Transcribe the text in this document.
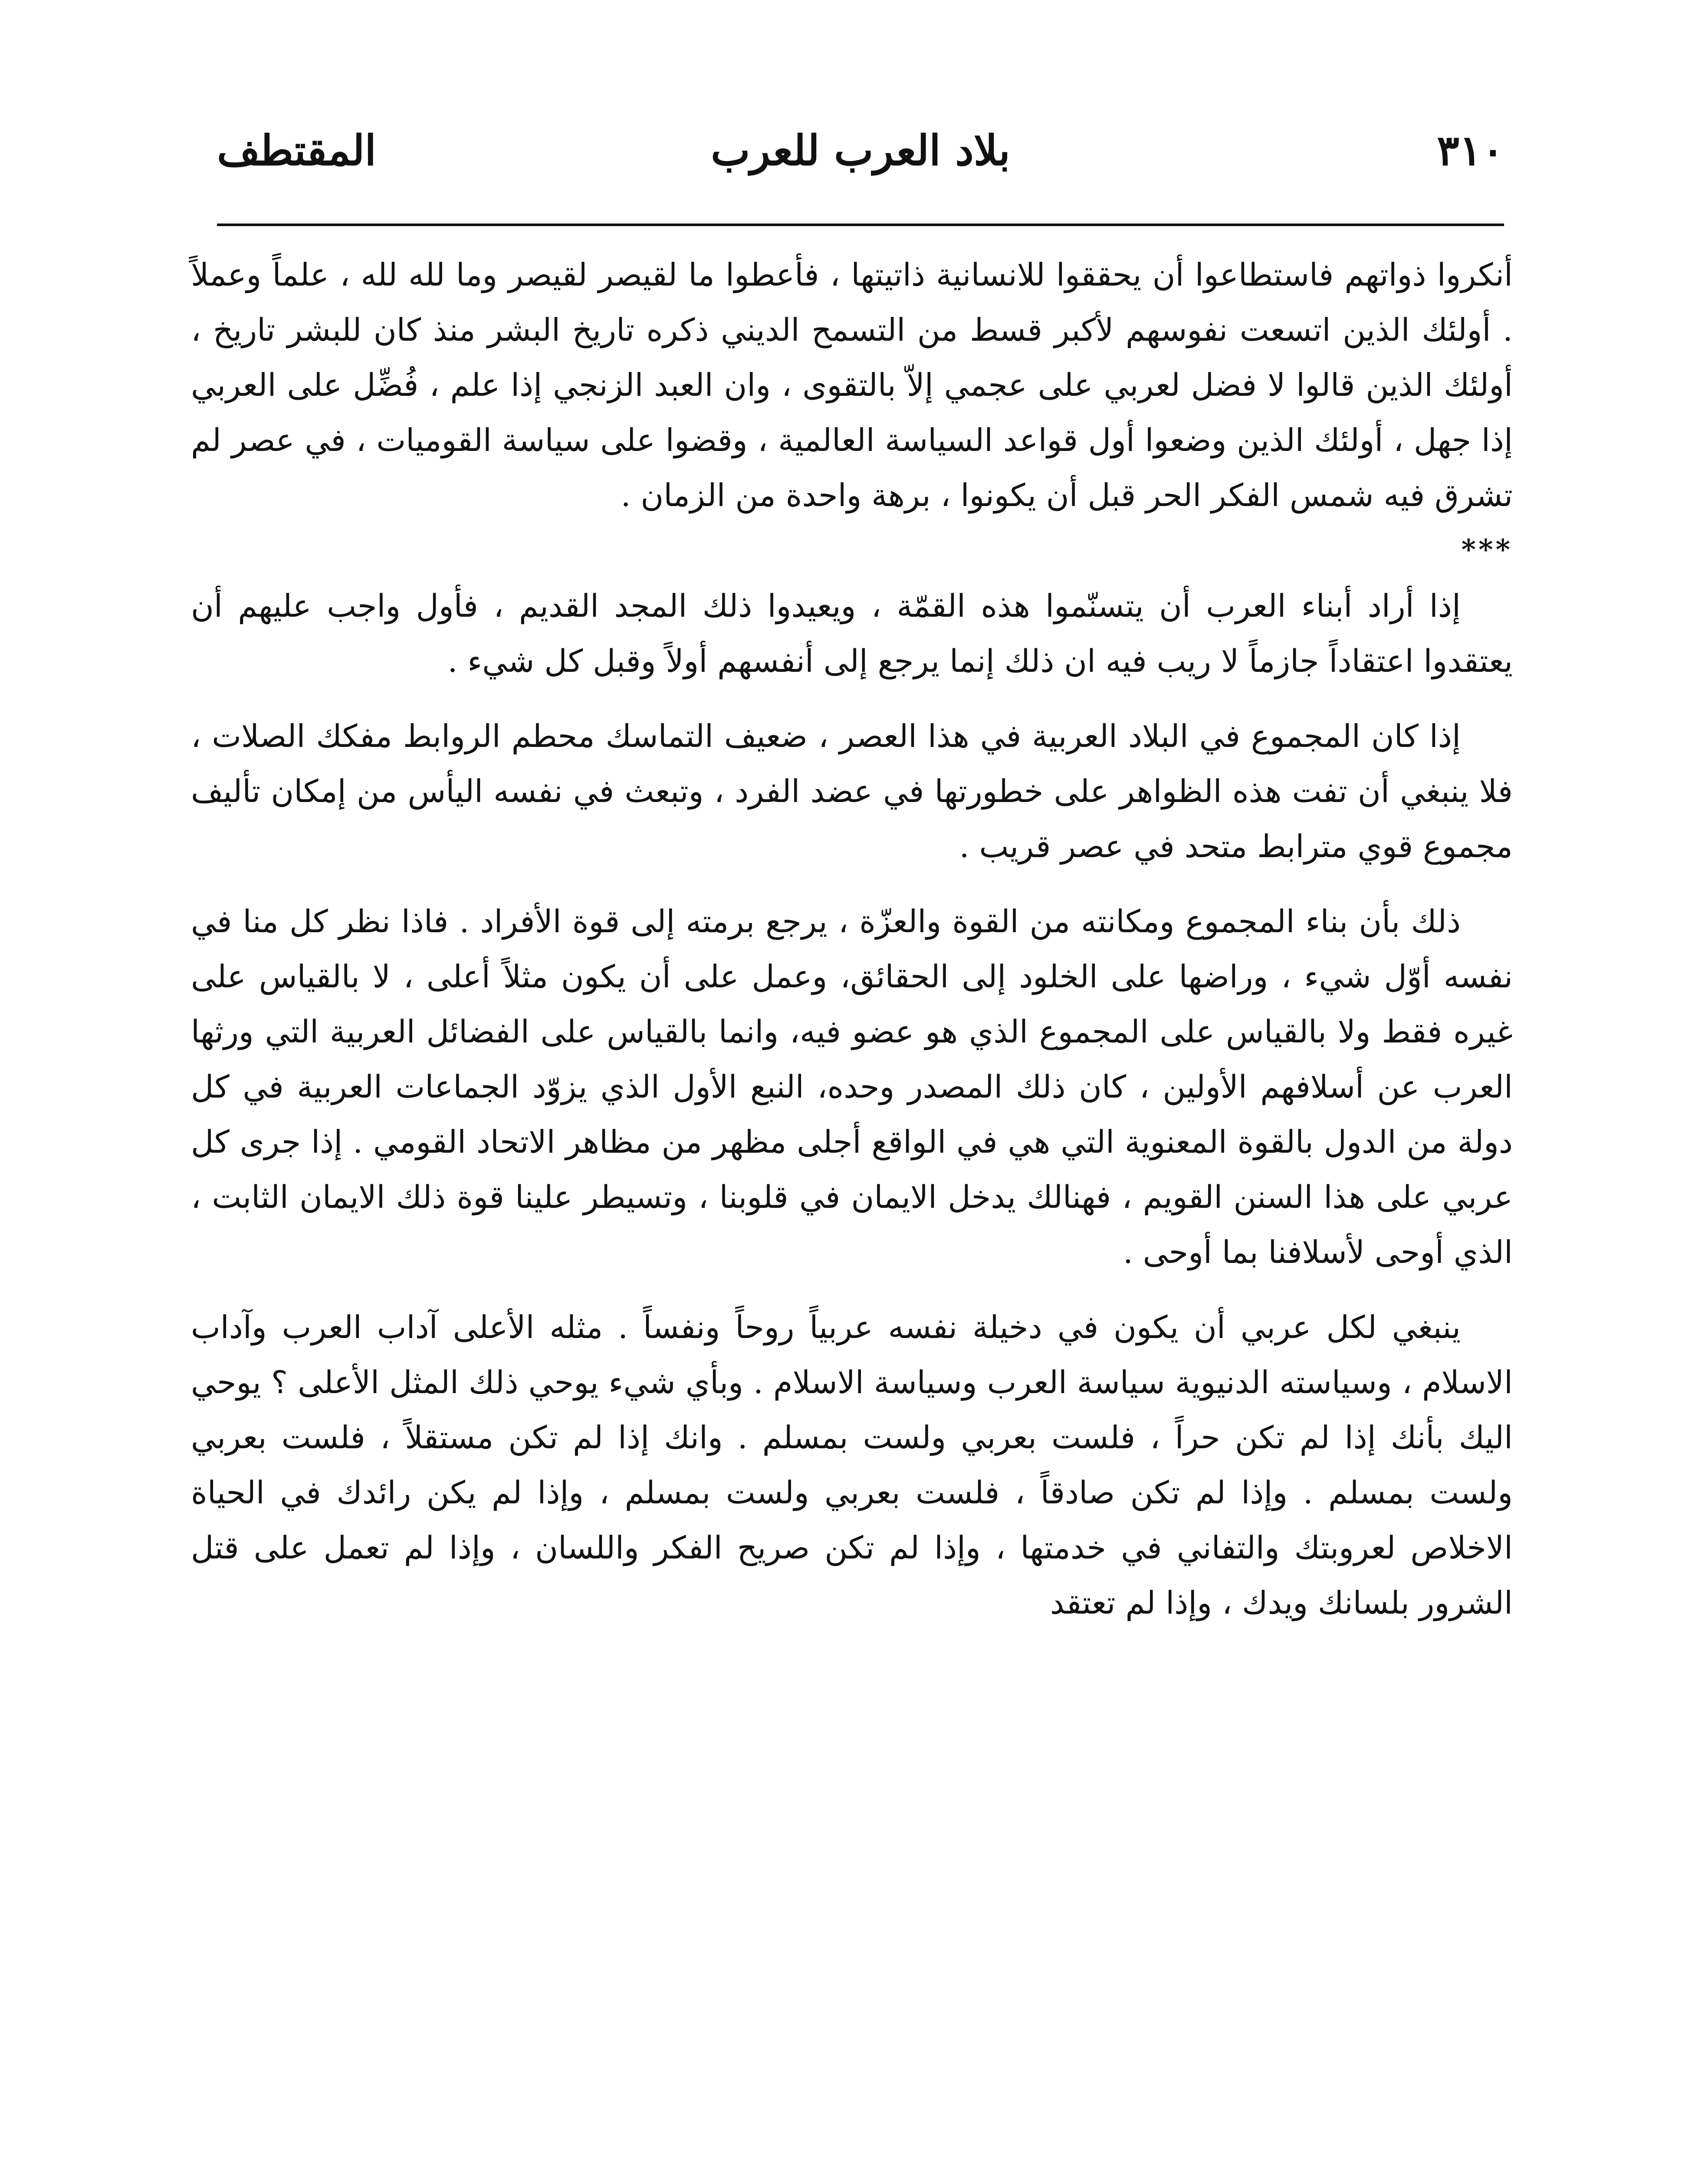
٣١٠
بلاد العرب للعرب
المقتطف

أنكروا ذواتهم فاستطاعوا أن يحققوا للانسانية ذاتيتها ، فأعطوا ما لقيصر لقيصر وما لله لله ، علماً وعملاً . أولئك الذين اتسعت نفوسهم لأكبر قسط من التسمح الديني ذكره تاريخ البشر منذ كان للبشر تاريخ ، أولئك الذين قالوا لا فضل لعربي على عجمي إلاّ بالتقوى ، وان العبد الزنجي إذا علم ، فُضِّل على العربي إذا جهل ، أولئك الذين وضعوا أول قواعد السياسة العالمية ، وقضوا على سياسة القوميات ، في عصر لم تشرق فيه شمس الفكر الحر قبل أن يكونوا ، برهة واحدة من الزمان .

***

إذا أراد أبناء العرب أن يتسنّموا هذه القمّة ، ويعيدوا ذلك المجد القديم ، فأول واجب عليهم أن يعتقدوا اعتقاداً جازماً لا ريب فيه ان ذلك إنما يرجع إلى أنفسهم أولاً وقبل كل شيء .

إذا كان المجموع في البلاد العربية في هذا العصر ، ضعيف التماسك محطم الروابط مفكك الصلات ، فلا ينبغي أن تفت هذه الظواهر على خطورتها في عضد الفرد ، وتبعث في نفسه اليأس من إمكان تأليف مجموع قوي مترابط متحد في عصر قريب .

ذلك بأن بناء المجموع ومكانته من القوة والعزّة ، يرجع برمته إلى قوة الأفراد . فاذا نظر كل منا في نفسه أوّل شيء ، وراضها على الخلود إلى الحقائق، وعمل على أن يكون مثلاً أعلى ، لا بالقياس على غيره فقط ولا بالقياس على المجموع الذي هو عضو فيه، وانما بالقياس على الفضائل العربية التي ورثها العرب عن أسلافهم الأولين ، كان ذلك المصدر وحده، النبع الأول الذي يزوّد الجماعات العربية في كل دولة من الدول بالقوة المعنوية التي هي في الواقع أجلى مظهر من مظاهر الاتحاد القومي . إذا جرى كل عربي على هذا السنن القويم ، فهنالك يدخل الايمان في قلوبنا ، وتسيطر علينا قوة ذلك الايمان الثابت ، الذي أوحى لأسلافنا بما أوحى .

ينبغي لكل عربي أن يكون في دخيلة نفسه عربياً روحاً ونفساً . مثله الأعلى آداب العرب وآداب الاسلام ، وسياسته الدنيوية سياسة العرب وسياسة الاسلام . وبأي شيء يوحي ذلك المثل الأعلى ؟ يوحي اليك بأنك إذا لم تكن حراً ، فلست بعربي ولست بمسلم . وانك إذا لم تكن مستقلاً ، فلست بعربي ولست بمسلم . وإذا لم تكن صادقاً ، فلست بعربي ولست بمسلم ، وإذا لم يكن رائدك في الحياة الاخلاص لعروبتك والتفاني في خدمتها ، وإذا لم تكن صريح الفكر واللسان ، وإذا لم تعمل على قتل الشرور بلسانك ويدك ، وإذا لم تعتقد
